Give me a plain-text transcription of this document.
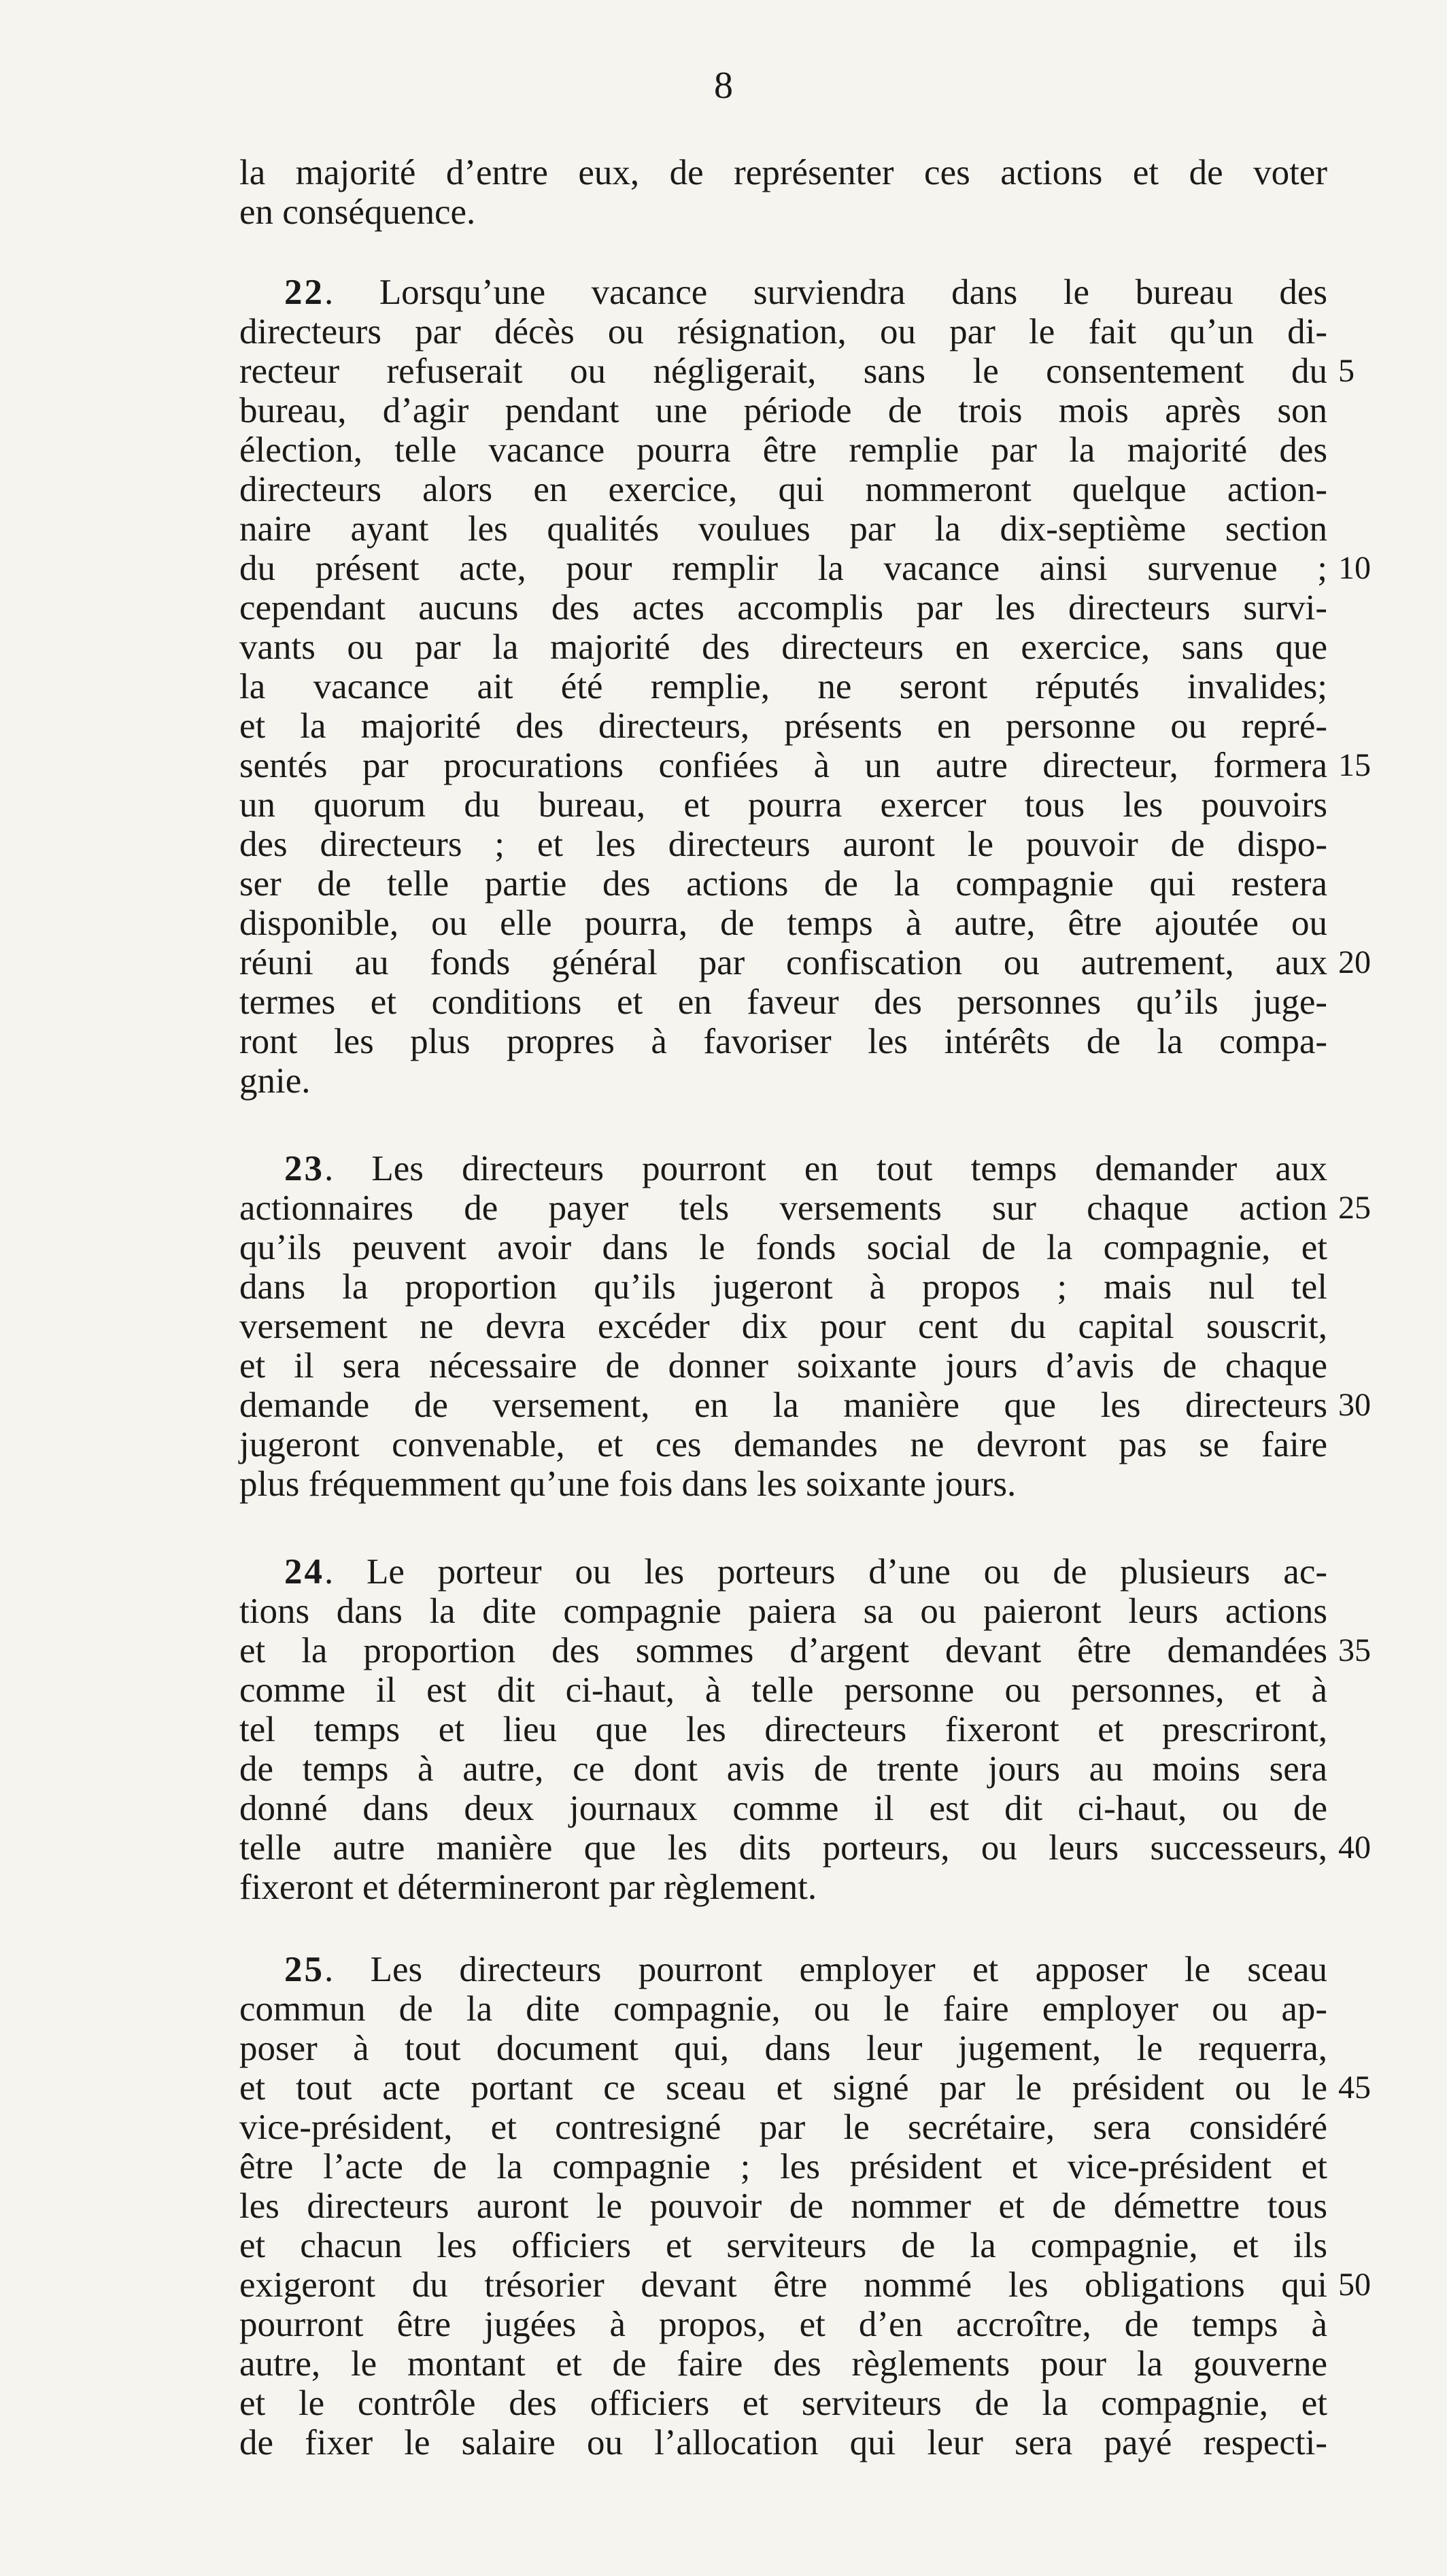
8
la majorité d’entre eux, de représenter ces actions et de voter
en conséquence.
22. Lorsqu’une vacance surviendra dans le bureau des
directeurs par décès ou résignation, ou par le fait qu’un di-
recteur refuserait ou négligerait, sans le consentement du
bureau, d’agir pendant une période de trois mois après son
élection, telle vacance pourra être remplie par la majorité des
directeurs alors en exercice, qui nommeront quelque action-
naire ayant les qualités voulues par la dix-septième section
du présent acte, pour remplir la vacance ainsi survenue ;
cependant aucuns des actes accomplis par les directeurs survi-
vants ou par la majorité des directeurs en exercice, sans que
la vacance ait été remplie, ne seront réputés invalides;
et la majorité des directeurs, présents en personne ou repré-
sentés par procurations confiées à un autre directeur, formera
un quorum du bureau, et pourra exercer tous les pouvoirs
des directeurs ; et les directeurs auront le pouvoir de dispo-
ser de telle partie des actions de la compagnie qui restera
disponible, ou elle pourra, de temps à autre, être ajoutée ou
réuni au fonds général par confiscation ou autrement, aux
termes et conditions et en faveur des personnes qu’ils juge-
ront les plus propres à favoriser les intérêts de la compa-
gnie.
23. Les directeurs pourront en tout temps demander aux
actionnaires de payer tels versements sur chaque action
qu’ils peuvent avoir dans le fonds social de la compagnie, et
dans la proportion qu’ils jugeront à propos ; mais nul tel
versement ne devra excéder dix pour cent du capital souscrit,
et il sera nécessaire de donner soixante jours d’avis de chaque
demande de versement, en la manière que les directeurs
jugeront convenable, et ces demandes ne devront pas se faire
plus fréquemment qu’une fois dans les soixante jours.
24. Le porteur ou les porteurs d’une ou de plusieurs ac-
tions dans la dite compagnie paiera sa ou paieront leurs actions
et la proportion des sommes d’argent devant être demandées
comme il est dit ci-haut, à telle personne ou personnes, et à
tel temps et lieu que les directeurs fixeront et prescriront,
de temps à autre, ce dont avis de trente jours au moins sera
donné dans deux journaux comme il est dit ci-haut, ou de
telle autre manière que les dits porteurs, ou leurs successeurs,
fixeront et détermineront par règlement.
25. Les directeurs pourront employer et apposer le sceau
commun de la dite compagnie, ou le faire employer ou ap-
poser à tout document qui, dans leur jugement, le requerra,
et tout acte portant ce sceau et signé par le président ou le
vice-président, et contresigné par le secrétaire, sera considéré
être l’acte de la compagnie ; les président et vice-président et
les directeurs auront le pouvoir de nommer et de démettre tous
et chacun les officiers et serviteurs de la compagnie, et ils
exigeront du trésorier devant être nommé les obligations qui
pourront être jugées à propos, et d’en accroître, de temps à
autre, le montant et de faire des règlements pour la gouverne
et le contrôle des officiers et serviteurs de la compagnie, et
de fixer le salaire ou l’allocation qui leur sera payé respecti-
5
10
15
20
25
30
35
40
45
50
